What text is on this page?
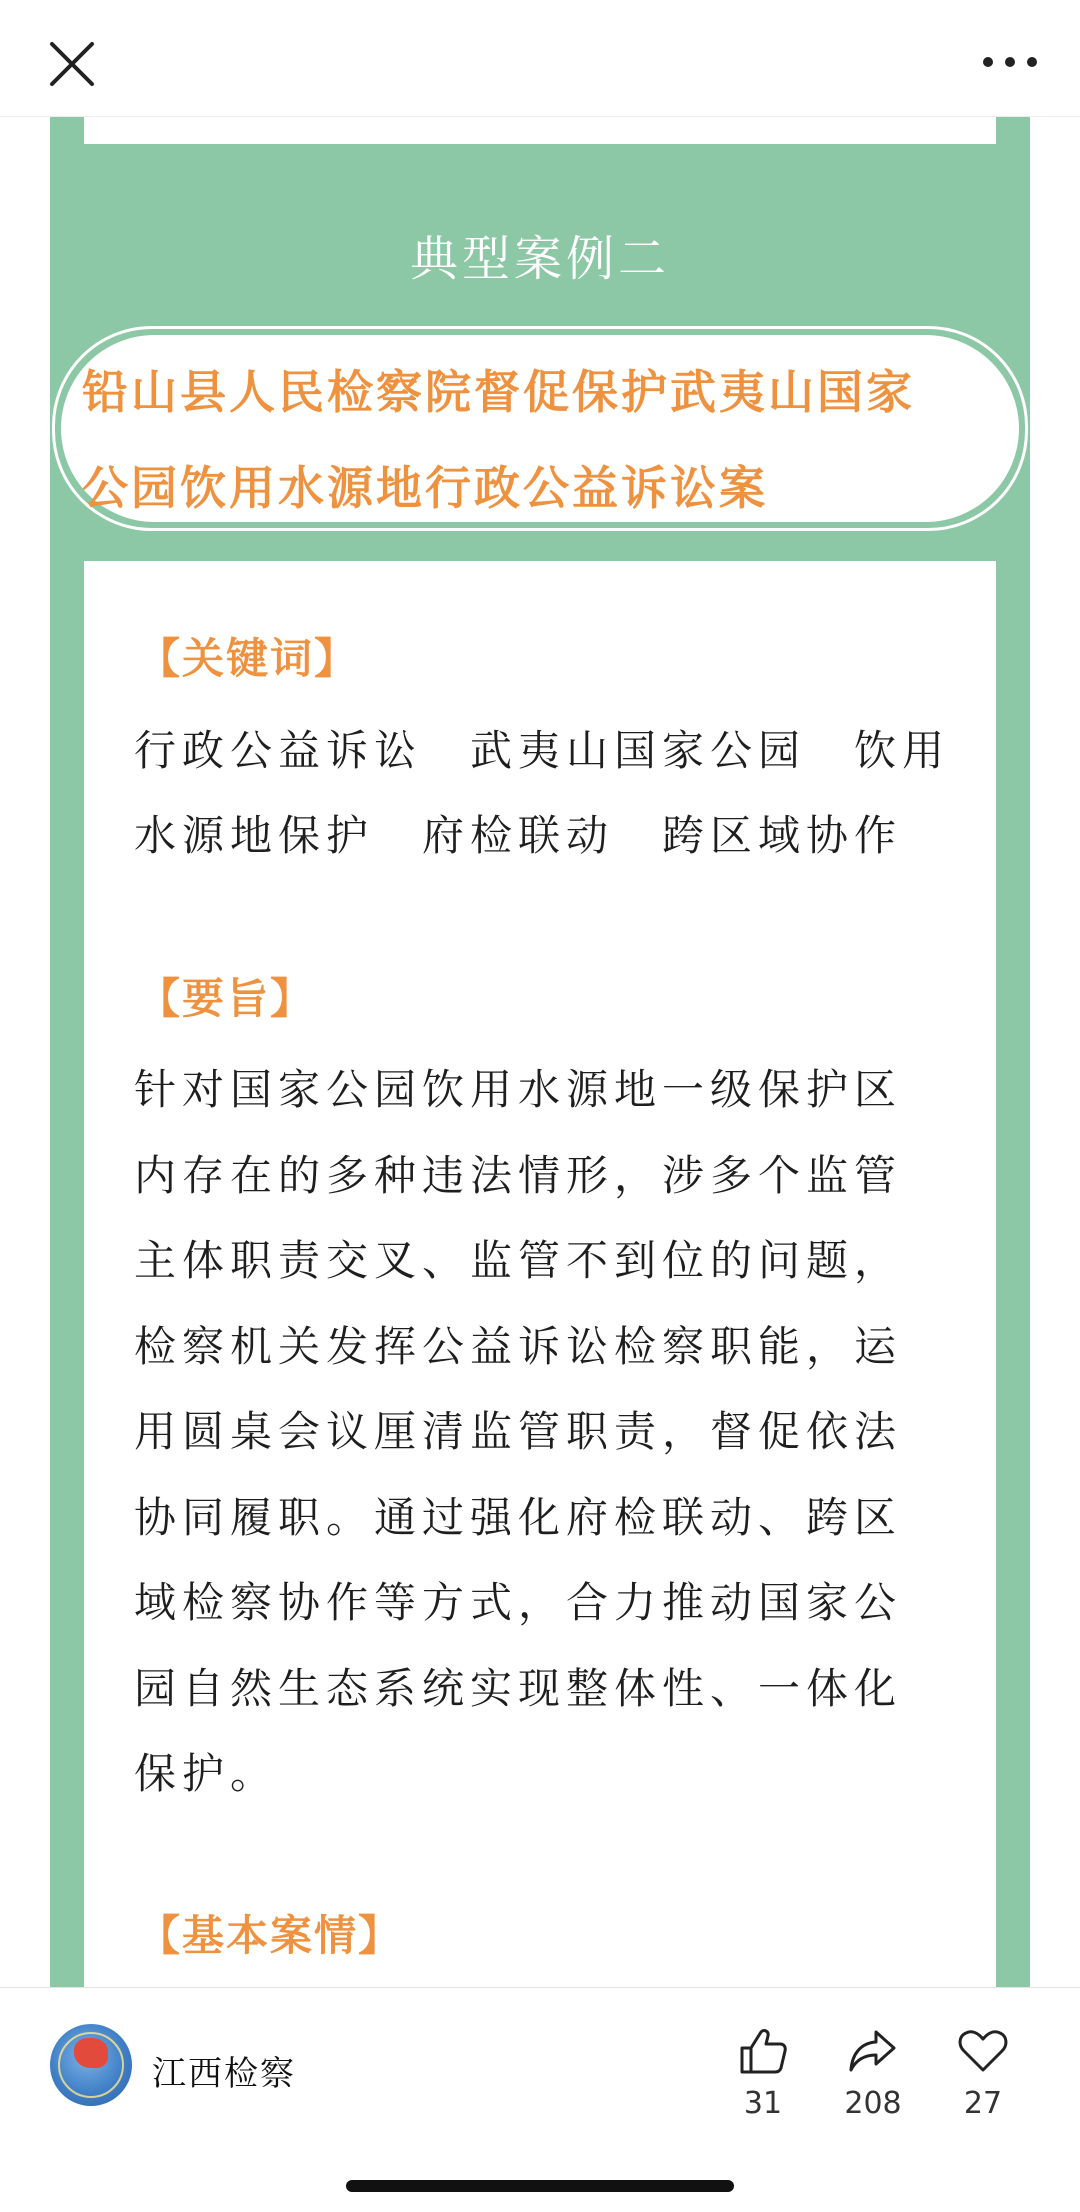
典型案例二
铅山县人民检察院督促保护武夷山国家
公园饮用水源地行政公益诉讼案
【关键词】
行政公益诉讼　武夷山国家公园　饮用
水源地保护　府检联动　跨区域协作
【要旨】
针对国家公园饮用水源地一级保护区
内存在的多种违法情形，涉多个监管
主体职责交叉、监管不到位的问题，
检察机关发挥公益诉讼检察职能，运
用圆桌会议厘清监管职责，督促依法
协同履职。通过强化府检联动、跨区
域检察协作等方式，合力推动国家公
园自然生态系统实现整体性、一体化
保护。
【基本案情】
江西检察
31	208	27
